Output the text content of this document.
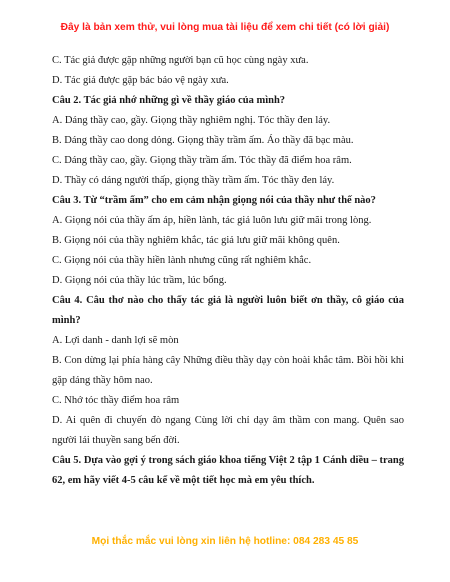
Đây là bản xem thử, vui lòng mua tài liệu để xem chi tiết (có lời giải)

C. Tác giả được gặp những người bạn cũ học cùng ngày xưa.

D. Tác giả được gặp bác bảo vệ ngày xưa.

Câu 2. Tác giả nhớ những gì về thầy giáo của mình?

A. Dáng thầy cao, gầy. Giọng thầy nghiêm nghị. Tóc thầy đen láy.

B. Dáng thầy cao dong dỏng. Giọng thầy trầm ấm. Áo thầy đã bạc màu.

C. Dáng thầy cao, gầy. Giọng thầy trầm ấm. Tóc thầy đã điểm hoa râm.

D. Thầy có dáng người thấp, giọng thầy trầm ấm. Tóc thầy đen láy.

Câu 3. Từ “trầm ấm” cho em cảm nhận giọng nói của thầy như thế nào?

A. Giọng nói của thầy ấm áp, hiền lành, tác giả luôn lưu giữ mãi trong lòng.

B. Giọng nói của thầy nghiêm khắc, tác giả lưu giữ mãi không quên.

C. Giọng nói của thầy hiền lành nhưng cũng rất nghiêm khắc.

D. Giọng nói của thầy lúc trầm, lúc bổng.

Câu 4. Câu thơ nào cho thấy tác giả là người luôn biết ơn thầy, cô giáo của mình?

A. Lợi danh - danh lợi sẽ mòn

B. Con dừng lại phía hàng cây Những điều thầy dạy còn hoài khắc tâm. Bồi hồi khi gặp dáng thầy hôm nao.

C. Nhớ tóc thầy điểm hoa râm

D. Ai quên đi chuyến đò ngang Cùng lời chỉ dạy âm thầm con mang. Quên sao người lái thuyền sang bến đời.

Câu 5. Dựa vào gợi ý trong sách giáo khoa tiếng Việt 2 tập 1 Cánh diều – trang 62, em hãy viết 4-5 câu kể về một tiết học mà em yêu thích.

Mọi thắc mắc vui lòng xin liên hệ hotline: 084 283 45 85
